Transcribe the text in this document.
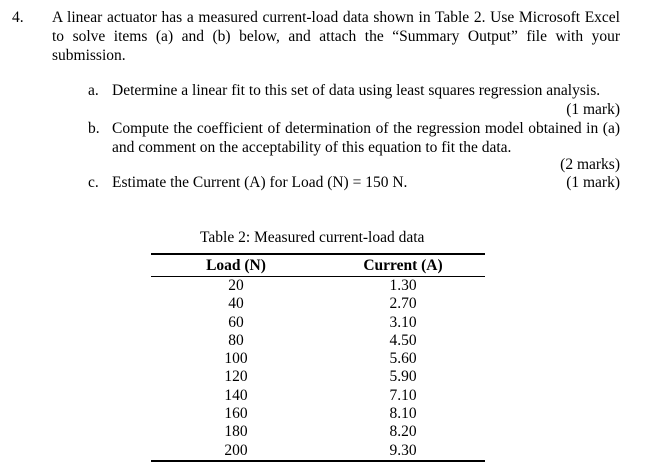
4. A linear actuator has a measured current-load data shown in Table 2. Use Microsoft Excel to solve items (a) and (b) below, and attach the “Summary Output” file with your submission.
a. Determine a linear fit to this set of data using least squares regression analysis.
(1 mark)
b. Compute the coefficient of determination of the regression model obtained in (a) and comment on the acceptability of this equation to fit the data.
(2 marks)
c. Estimate the Current (A) for Load (N) = 150 N.	(1 mark)
Table 2: Measured current-load data
Load (N)	Current (A)
20	1.30
40	2.70
60	3.10
80	4.50
100	5.60
120	5.90
140	7.10
160	8.10
180	8.20
200	9.30
